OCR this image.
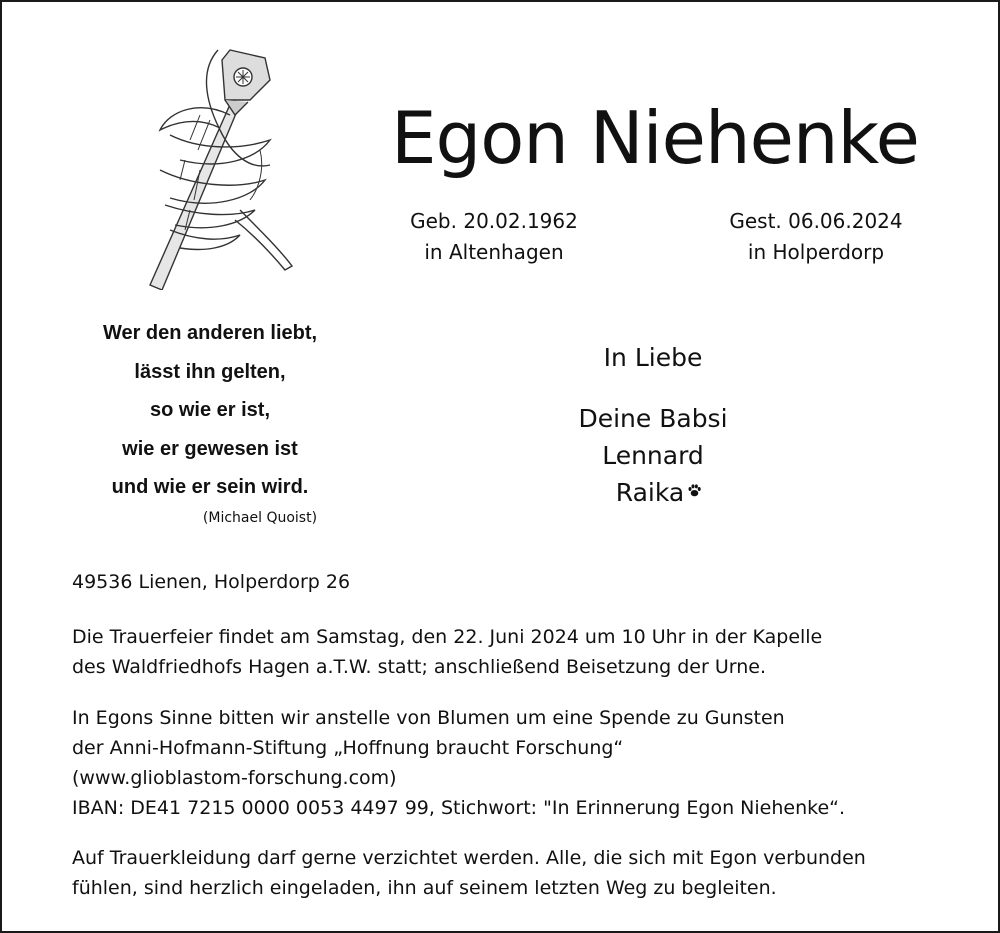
Egon Niehenke
Geb. 20.02.1962
in Altenhagen
Gest. 06.06.2024
in Holperdorp
Wer den anderen liebt,
lässt ihn gelten,
so wie er ist,
wie er gewesen ist
und wie er sein wird.
(Michael Quoist)
In Liebe
Deine Babsi
Lennard
Raika
49536 Lienen, Holperdorp 26
Die Trauerfeier findet am Samstag, den 22. Juni 2024 um 10 Uhr in der Kapelle
des Waldfriedhofs Hagen a.T.W. statt; anschließend Beisetzung der Urne.
In Egons Sinne bitten wir anstelle von Blumen um eine Spende zu Gunsten
der Anni-Hofmann-Stiftung „Hoffnung braucht Forschung“
(www.glioblastom-forschung.com)
IBAN: DE41 7215 0000 0053 4497 99, Stichwort: "In Erinnerung Egon Niehenke“.
Auf Trauerkleidung darf gerne verzichtet werden. Alle, die sich mit Egon verbunden
fühlen, sind herzlich eingeladen, ihn auf seinem letzten Weg zu begleiten.
